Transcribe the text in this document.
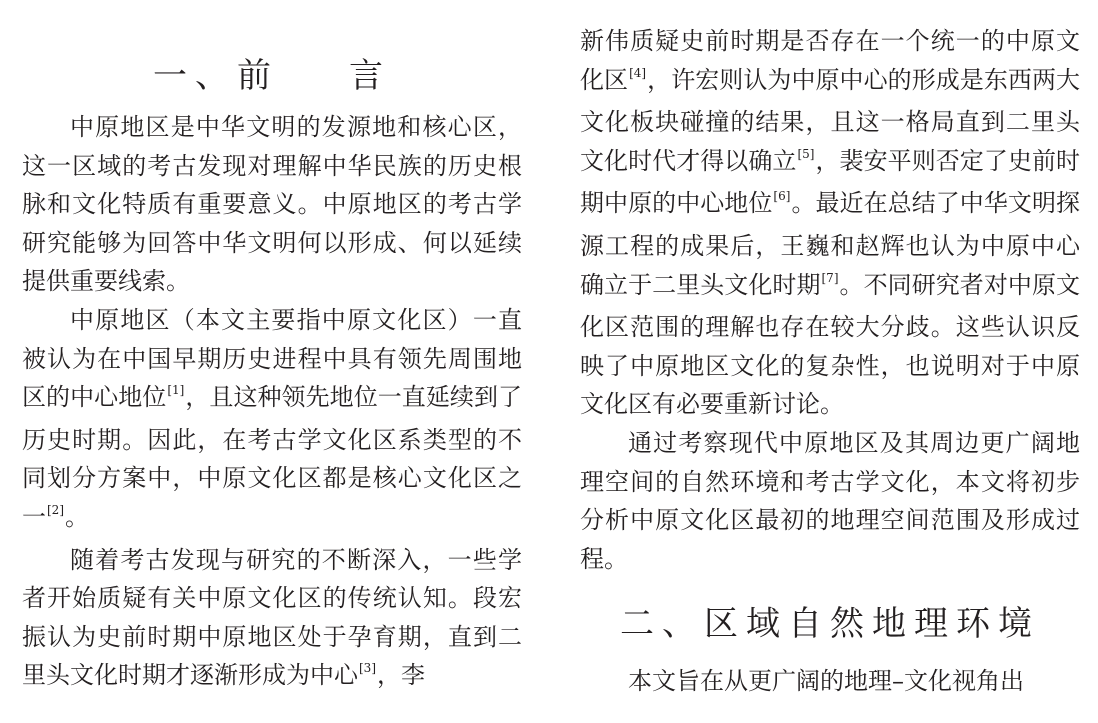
一、前 言

中原地区是中华文明的发源地和核心区，这一区域的考古发现对理解中华民族的历史根脉和文化特质有重要意义。中原地区的考古学研究能够为回答中华文明何以形成、何以延续提供重要线索。

中原地区（本文主要指中原文化区）一直被认为在中国早期历史进程中具有领先周围地区的中心地位[1]，且这种领先地位一直延续到了历史时期。因此，在考古学文化区系类型的不同划分方案中，中原文化区都是核心文化区之一[2]。

随着考古发现与研究的不断深入，一些学者开始质疑有关中原文化区的传统认知。段宏振认为史前时期中原地区处于孕育期，直到二里头文化时期才逐渐形成为中心[3]，李

新伟质疑史前时期是否存在一个统一的中原文化区[4]，许宏则认为中原中心的形成是东西两大文化板块碰撞的结果，且这一格局直到二里头文化时代才得以确立[5]，裴安平则否定了史前时期中原的中心地位[6]。最近在总结了中华文明探源工程的成果后，王巍和赵辉也认为中原中心确立于二里头文化时期[7]。不同研究者对中原文化区范围的理解也存在较大分歧。这些认识反映了中原地区文化的复杂性，也说明对于中原文化区有必要重新讨论。

通过考察现代中原地区及其周边更广阔地理空间的自然环境和考古学文化，本文将初步分析中原文化区最初的地理空间范围及形成过程。

二、区域自然地理环境

本文旨在从更广阔的地理–文化视角出
